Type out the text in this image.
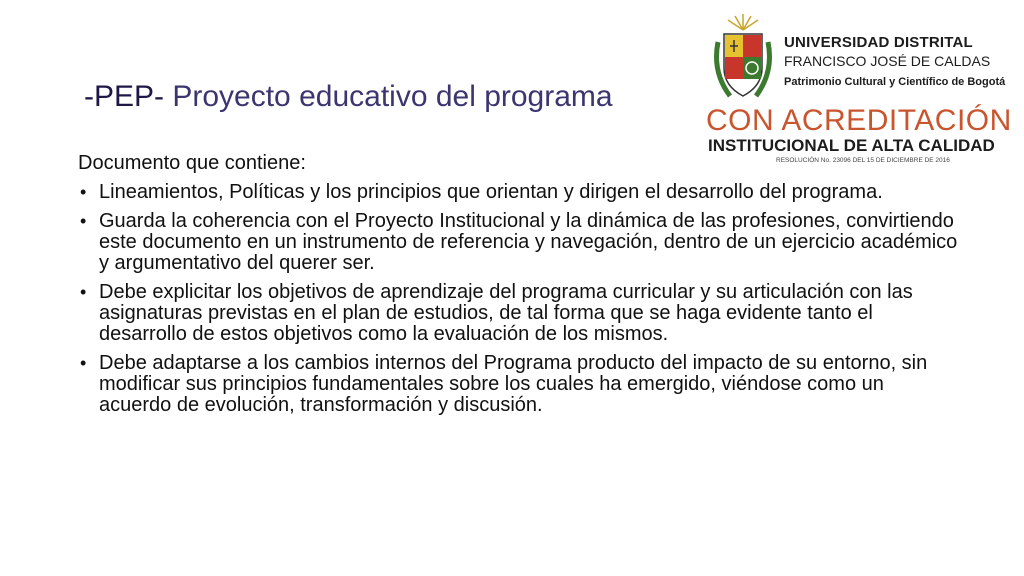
-PEP- Proyecto educativo del programa
UNIVERSIDAD DISTRITAL
FRANCISCO JOSÉ DE CALDAS
Patrimonio Cultural y Científico de Bogotá
CON ACREDITACIÓN
INSTITUCIONAL DE ALTA CALIDAD
RESOLUCIÓN No. 23096 DEL 15 DE DICIEMBRE DE 2016

Documento que contiene:

• Lineamientos, Políticas y los principios que orientan y dirigen el desarrollo del programa.
• Guarda la coherencia con el Proyecto Institucional y la dinámica de las profesiones, convirtiendo este documento en un instrumento de referencia y navegación, dentro de un ejercicio académico y argumentativo del querer ser.
• Debe explicitar los objetivos de aprendizaje del programa curricular y su articulación con las asignaturas previstas en el plan de estudios, de tal forma que se haga evidente tanto el desarrollo de estos objetivos como la evaluación de los mismos.
• Debe adaptarse a los cambios internos del Programa producto del impacto de su entorno, sin modificar sus principios fundamentales sobre los cuales ha emergido, viéndose como un acuerdo de evolución, transformación y discusión.
